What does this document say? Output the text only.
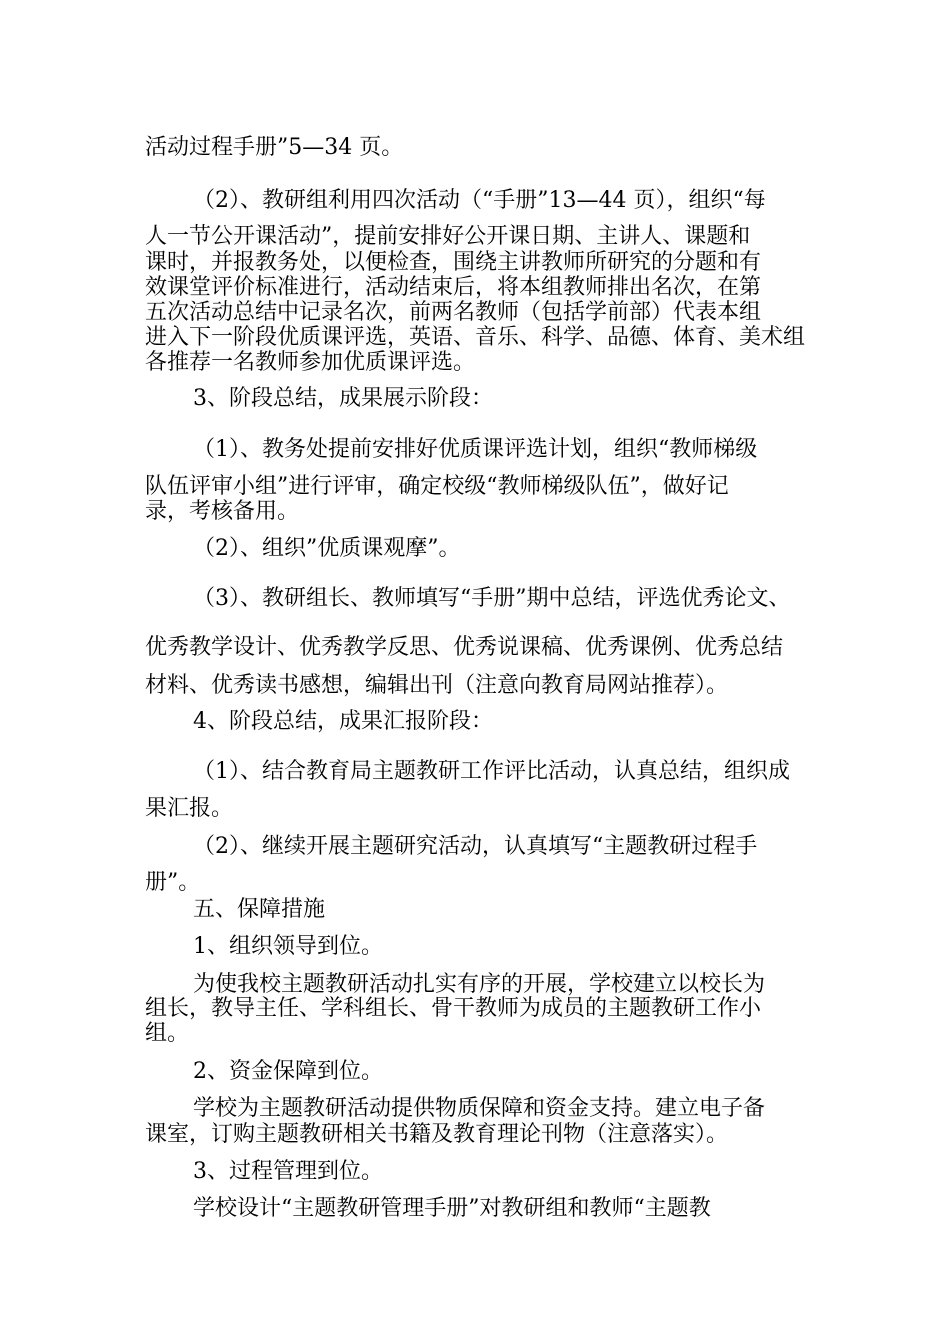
活动过程手册”5—34 页。
（2）、教研组利用四次活动（“手册”13—44 页），组织“每
人一节公开课活动”，提前安排好公开课日期、主讲人、课题和
课时，并报教务处，以便检查，围绕主讲教师所研究的分题和有
效课堂评价标准进行，活动结束后，将本组教师排出名次，在第
五次活动总结中记录名次，前两名教师（包括学前部）代表本组
进入下一阶段优质课评选，英语、音乐、科学、品德、体育、美术组
各推荐一名教师参加优质课评选。
3、阶段总结，成果展示阶段：
（1）、教务处提前安排好优质课评选计划，组织“教师梯级
队伍评审小组”进行评审，确定校级“教师梯级队伍”，做好记
录，考核备用。
（2）、组织”优质课观摩”。
（3）、教研组长、教师填写“手册”期中总结，评选优秀论文、
优秀教学设计、优秀教学反思、优秀说课稿、优秀课例、优秀总结
材料、优秀读书感想，编辑出刊（注意向教育局网站推荐）。
4、阶段总结，成果汇报阶段：
（1）、结合教育局主题教研工作评比活动，认真总结，组织成
果汇报。
（2）、继续开展主题研究活动，认真填写“主题教研过程手
册”。
五、保障措施
1、组织领导到位。
为使我校主题教研活动扎实有序的开展，学校建立以校长为
组长，教导主任、学科组长、骨干教师为成员的主题教研工作小
组。
2、资金保障到位。
学校为主题教研活动提供物质保障和资金支持。建立电子备
课室，订购主题教研相关书籍及教育理论刊物（注意落实）。
3、过程管理到位。
学校设计“主题教研管理手册”对教研组和教师“主题教
